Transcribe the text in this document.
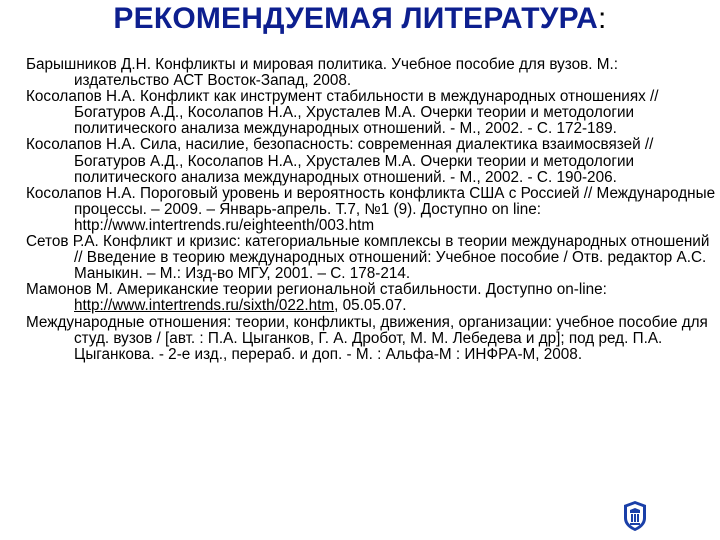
РЕКОМЕНДУЕМАЯ ЛИТЕРАТУРА:
Барышников Д.Н. Конфликты и мировая политика. Учебное пособие для вузов. М.: издательство АСТ Восток-Запад, 2008.
Косолапов Н.А. Конфликт как инструмент стабильности в международных отношениях // Богатуров А.Д., Косолапов Н.А., Хрусталев М.А. Очерки теории и методологии политического анализа международных отношений. ‑ М., 2002. ‑ С. 172-189.
Косолапов Н.А. Сила, насилие, безопасность: современная диалектика взаимосвязей // Богатуров А.Д., Косолапов Н.А., Хрусталев М.А. Очерки теории и методологии политического анализа международных отношений. ‑ М., 2002. ‑ С. 190-206.
Косолапов Н.А. Пороговый уровень и вероятность конфликта США с Россией // Международные процессы. – 2009. – Январь-апрель. Т.7, №1 (9). Доступно on line: http://www.intertrends.ru/eighteenth/003.htm
Сетов Р.А. Конфликт и кризис: категориальные комплексы в теории международных отношений // Введение в теорию международных отношений: Учебное пособие / Отв. редактор А.С. Маныкин. – М.: Изд-во МГУ, 2001. – С. 178-214.
Мамонов М. Американские теории региональной стабильности. Доступно on-line: http://www.intertrends.ru/sixth/022.htm, 05.05.07.
Международные отношения: теории, конфликты, движения, организации: учебное пособие для студ. вузов / [авт. : П.А. Цыганков, Г. А. Дробот, М. М. Лебедева и др]; под ред. П.А. Цыганкова. - 2-е изд., перераб. и доп. - М. : Альфа-М : ИНФРА-М, 2008.
